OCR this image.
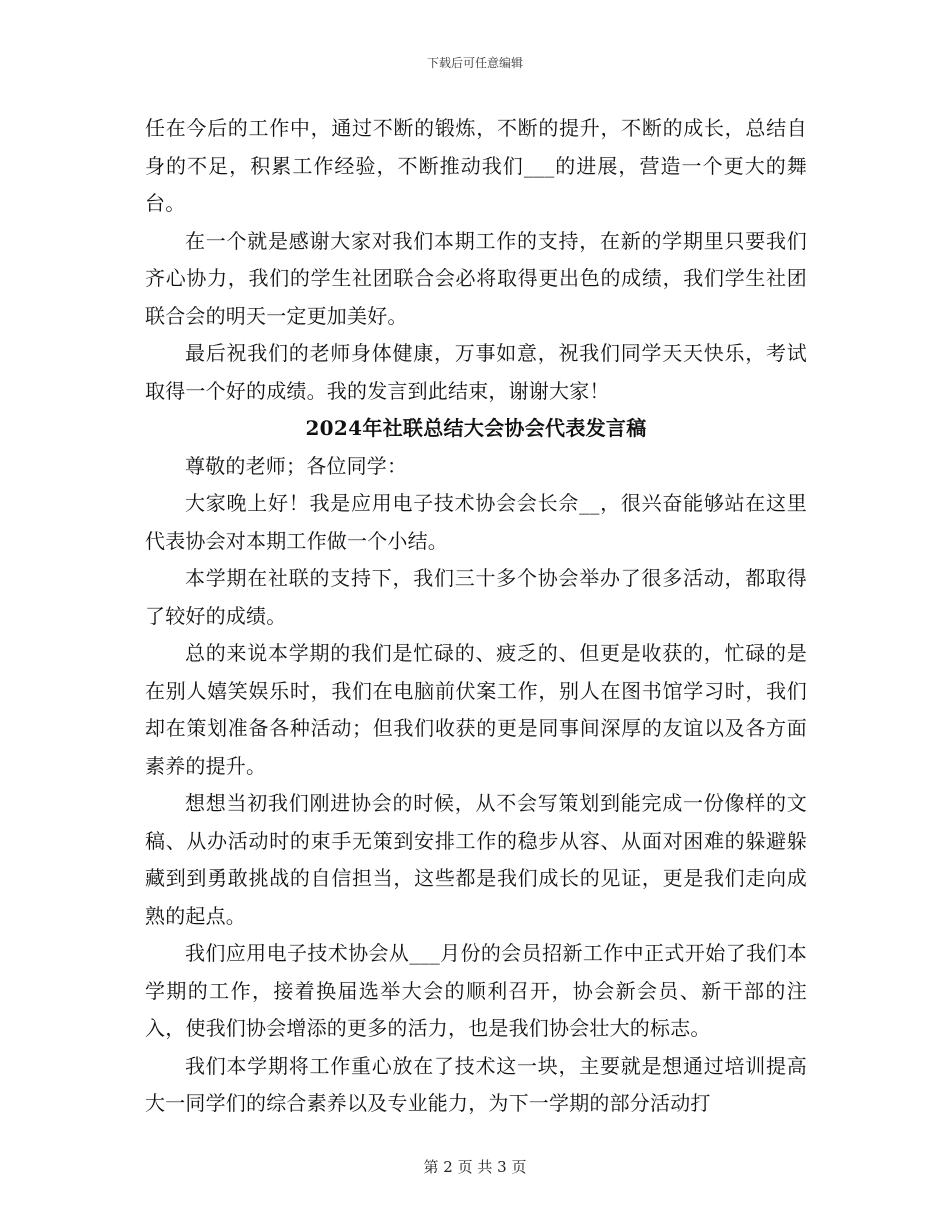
下载后可任意编辑

任在今后的工作中，通过不断的锻炼，不断的提升，不断的成长，总结自身的不足，积累工作经验，不断推动我们___的进展，营造一个更大的舞台。

在一个就是感谢大家对我们本期工作的支持，在新的学期里只要我们齐心协力，我们的学生社团联合会必将取得更出色的成绩，我们学生社团联合会的明天一定更加美好。

最后祝我们的老师身体健康，万事如意，祝我们同学天天快乐，考试取得一个好的成绩。我的发言到此结束，谢谢大家！

2024年社联总结大会协会代表发言稿

尊敬的老师；各位同学：

大家晚上好！我是应用电子技术协会会长佘__，很兴奋能够站在这里代表协会对本期工作做一个小结。

本学期在社联的支持下，我们三十多个协会举办了很多活动，都取得了较好的成绩。

总的来说本学期的我们是忙碌的、疲乏的、但更是收获的，忙碌的是在别人嬉笑娱乐时，我们在电脑前伏案工作，别人在图书馆学习时，我们却在策划准备各种活动；但我们收获的更是同事间深厚的友谊以及各方面素养的提升。

想想当初我们刚进协会的时候，从不会写策划到能完成一份像样的文稿、从办活动时的束手无策到安排工作的稳步从容、从面对困难的躲避躲藏到到勇敢挑战的自信担当，这些都是我们成长的见证，更是我们走向成熟的起点。

我们应用电子技术协会从___月份的会员招新工作中正式开始了我们本学期的工作，接着换届选举大会的顺利召开，协会新会员、新干部的注入，使我们协会增添的更多的活力，也是我们协会壮大的标志。

我们本学期将工作重心放在了技术这一块，主要就是想通过培训提高大一同学们的综合素养以及专业能力，为下一学期的部分活动打

第 2 页 共 3 页
